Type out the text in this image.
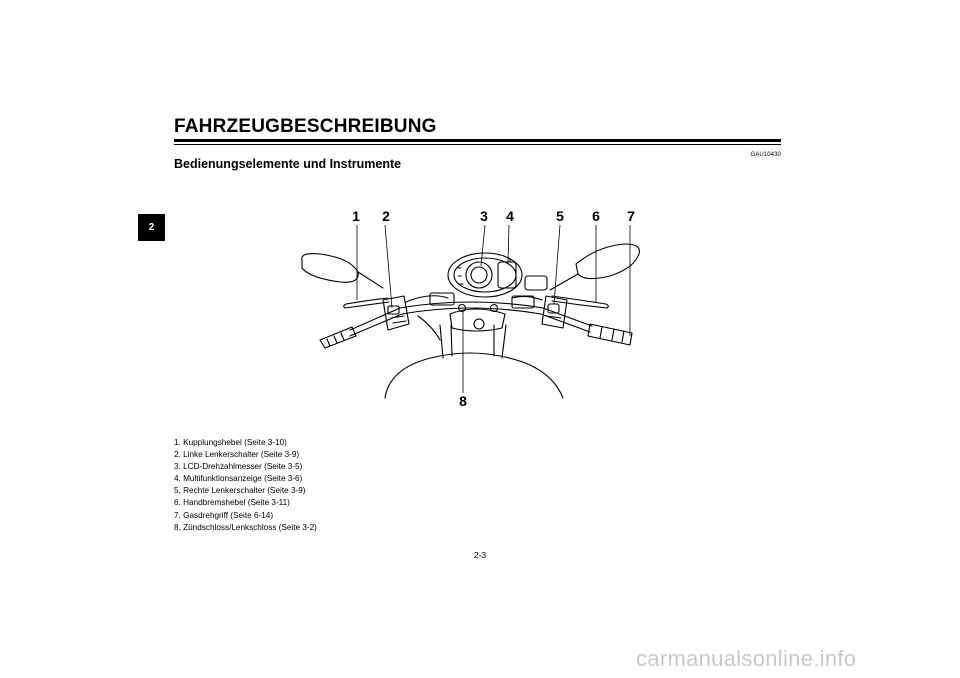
FAHRZEUGBESCHREIBUNG
GAU10430
Bedienungselemente und Instrumente
2
1 2	3 4	5 6 7
8
1. Kupplungshebel (Seite 3-10)
2. Linke Lenkerschalter (Seite 3-9)
3. LCD-Drehzahlmesser (Seite 3-5)
4. Multifunktionsanzeige (Seite 3-6)
5. Rechte Lenkerschalter (Seite 3-9)
6. Handbremshebel (Seite 3-11)
7. Gasdrehgriff (Seite 6-14)
8. Zündschloss/Lenkschloss (Seite 3-2)
2-3
carmanualsonline.info
